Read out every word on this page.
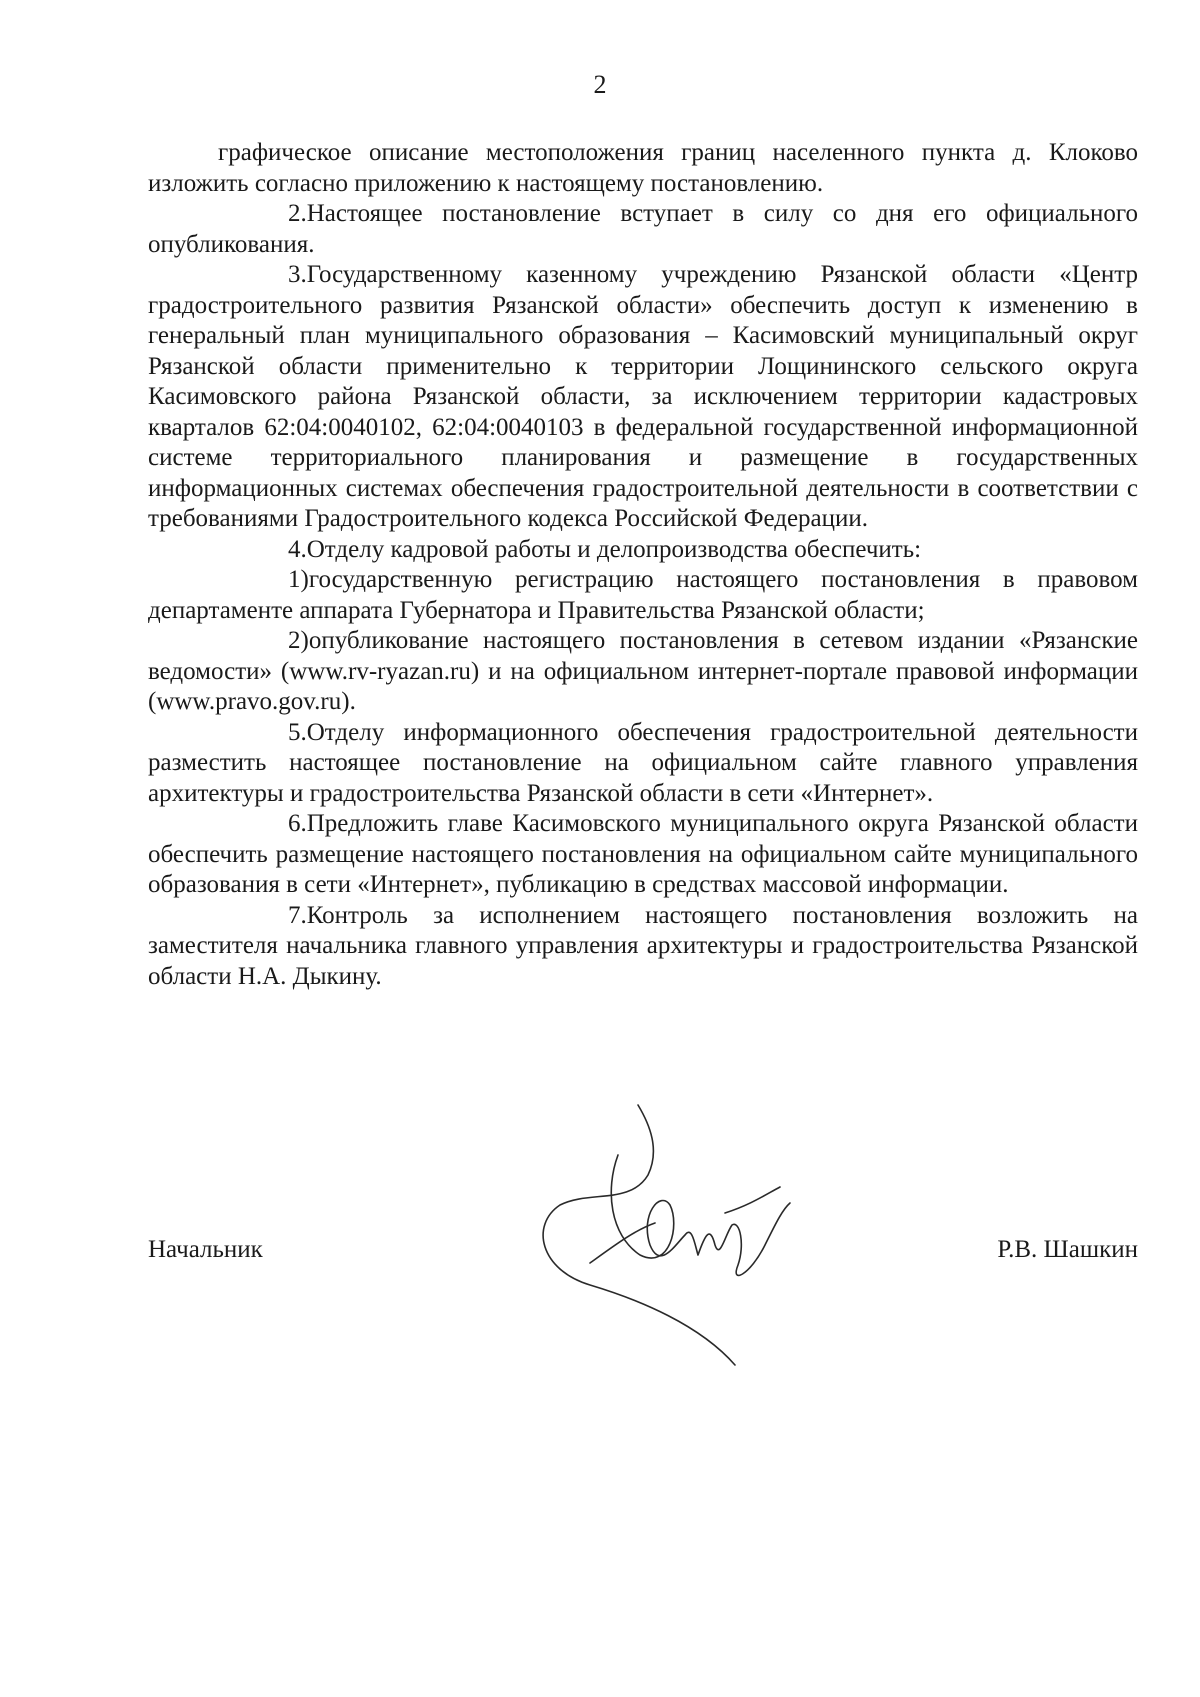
2

графическое описание местоположения границ населенного пункта д. Клоково изложить согласно приложению к настоящему постановлению.

2.Настоящее постановление вступает в силу со дня его официального опубликования.

3.Государственному казенному учреждению Рязанской области «Центр градостроительного развития Рязанской области» обеспечить доступ к изменению в генеральный план муниципального образования – Касимовский муниципальный округ Рязанской области применительно к территории Лощининского сельского округа Касимовского района Рязанской области, за исключением территории кадастровых кварталов 62:04:0040102, 62:04:0040103 в федеральной государственной информационной системе территориального планирования и размещение в государственных информационных системах обеспечения градостроительной деятельности в соответствии с требованиями Градостроительного кодекса Российской Федерации.

4.Отделу кадровой работы и делопроизводства обеспечить:

1)государственную регистрацию настоящего постановления в правовом департаменте аппарата Губернатора и Правительства Рязанской области;

2)опубликование настоящего постановления в сетевом издании «Рязанские ведомости» (www.rv-ryazan.ru) и на официальном интернет-портале правовой информации (www.pravo.gov.ru).

5.Отделу информационного обеспечения градостроительной деятельности разместить настоящее постановление на официальном сайте главного управления архитектуры и градостроительства Рязанской области в сети «Интернет».

6.Предложить главе Касимовского муниципального округа Рязанской области обеспечить размещение настоящего постановления на официальном сайте муниципального образования в сети «Интернет», публикацию в средствах массовой информации.

7.Контроль за исполнением настоящего постановления возложить на заместителя начальника главного управления архитектуры и градостроительства Рязанской области Н.А. Дыкину.

Начальник	Р.В. Шашкин
